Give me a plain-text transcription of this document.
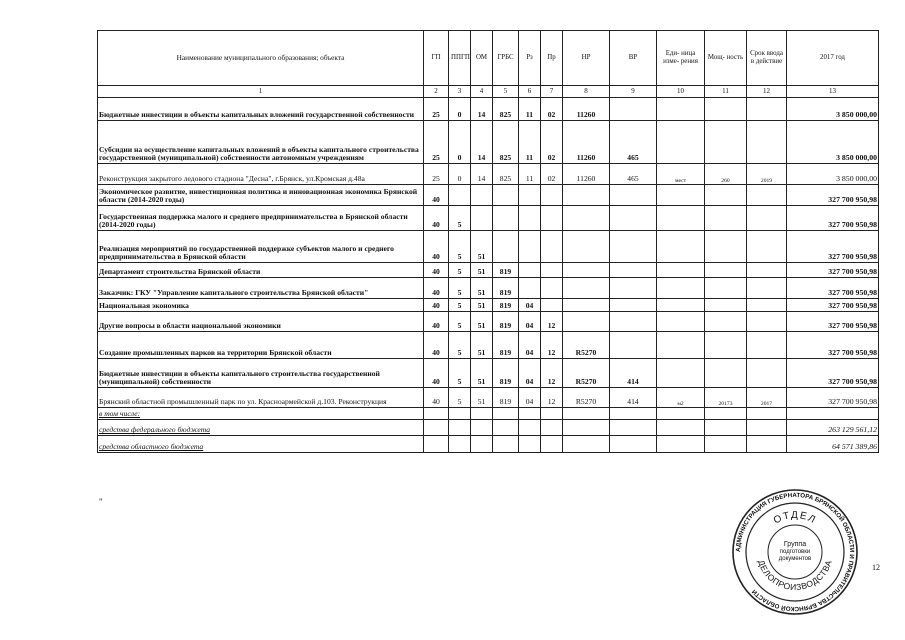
Наименование муниципального образования; объекта	ГП	ППГП	ОМ	ГРБС	Рз	Пр	НР	ВР	Еди- ница изме- рения	Мощ- ность	Срок ввода в действие	2017 год
1	2	3	4	5	6	7	8	9	10	11	12	13
Бюджетные инвестиции в объекты капитальных вложений государственной собственности	25	0	14	825	11	02	11260					3 850 000,00
Субсидии на осуществление капитальных вложений в объекты капитального строительства государственной (муниципальной) собственности автономным учреждениям	25	0	14	825	11	02	11260	465				3 850 000,00
Реконструкция закрытого ледового стадиона "Десна", г.Брянск, ул.Кромская д.48а	25	0	14	825	11	02	11260	465	мест	260	2019	3 850 000,00
Экономическое развитие, инвестиционная политика и инновационная экономика Брянской области (2014-2020 годы)	40											327 700 950,98
Государственная поддержка малого и среднего предпринимательства в Брянской области (2014-2020 годы)	40	5										327 700 950,98
Реализация мероприятий по государственной поддержке субъектов малого и среднего предпринимательства в Брянской области	40	5	51									327 700 950,98
Департамент строительства Брянской области	40	5	51	819								327 700 950,98
Заказчик: ГКУ "Управление капитального строительства Брянской области"	40	5	51	819								327 700 950,98
Национальная экономика	40	5	51	819	04							327 700 950,98
Другие вопросы в области национальной экономики	40	5	51	819	04	12						327 700 950,98
Создание промышленных парков на территории Брянской области	40	5	51	819	04	12	R5270					327 700 950,98
Бюджетные инвестиции в объекты капитального строительства государственной (муниципальной) собственности	40	5	51	819	04	12	R5270	414				327 700 950,98
Брянский областной промышленный парк по ул. Красноармейской д.103. Реконструкция	40	5	51	819	04	12	R5270	414	м2	20173	2017	327 700 950,98
в том числе:												
средства федерального бюджета												263 129 561,12
средства областного бюджета												64 571 389,86
"
АДМИНИСТРАЦИЯ ГУБЕРНАТОРА БРЯНСКОЙ ОБЛАСТИ И ПРАВИТЕЛЬСТВА БРЯНСКОЙ ОБЛАСТИ
ОТДЕЛ
ДЕЛОПРОИЗВОДСТВА
Группа
подготовки
документов
12
